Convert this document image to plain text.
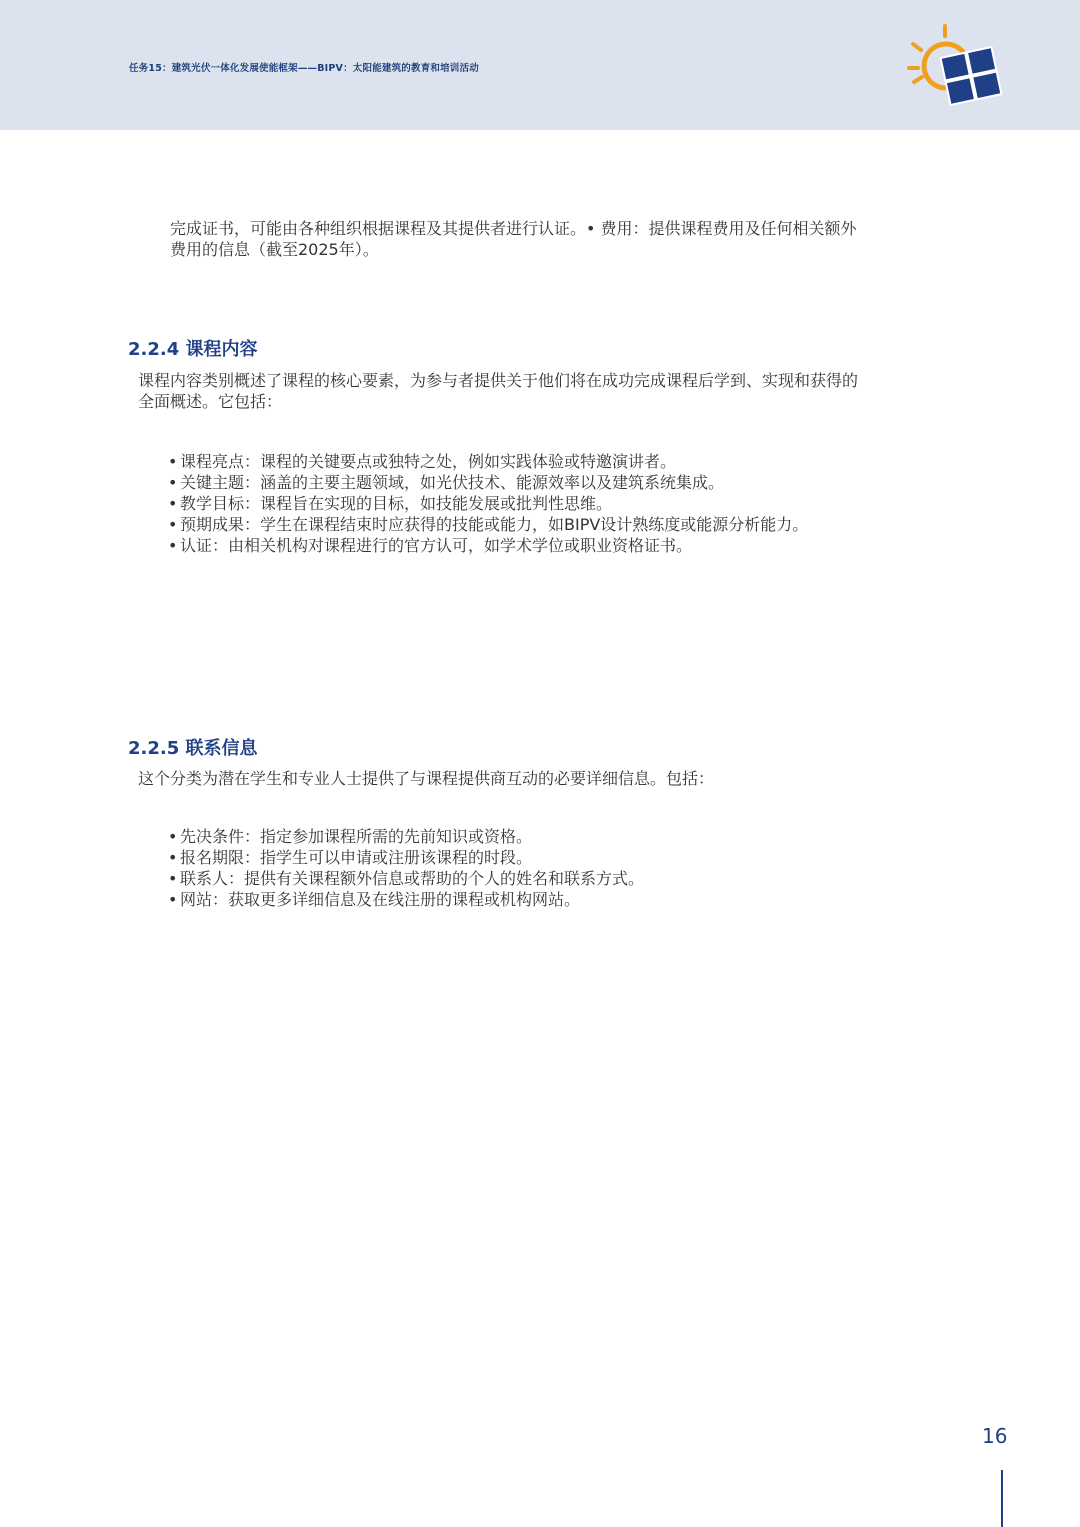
任务15：建筑光伏一体化发展使能框架——BIPV：太阳能建筑的教育和培训活动

完成证书，可能由各种组织根据课程及其提供者进行认证。• 费用：提供课程费用及任何相关额外

费用的信息（截至2025年）。

2.2.4 课程内容

课程内容类别概述了课程的核心要素，为参与者提供关于他们将在成功完成课程后学到、实现和获得的

全面概述。它包括：

• 课程亮点：课程的关键要点或独特之处，例如实践体验或特邀演讲者。
• 关键主题：涵盖的主要主题领域，如光伏技术、能源效率以及建筑系统集成。
• 教学目标：课程旨在实现的目标，如技能发展或批判性思维。
• 预期成果：学生在课程结束时应获得的技能或能力，如BIPV设计熟练度或能源分析能力。
• 认证：由相关机构对课程进行的官方认可，如学术学位或职业资格证书。
2.2.5 联系信息

这个分类为潜在学生和专业人士提供了与课程提供商互动的必要详细信息。包括：

• 先决条件：指定参加课程所需的先前知识或资格。
• 报名期限：指学生可以申请或注册该课程的时段。
• 联系人：提供有关课程额外信息或帮助的个人的姓名和联系方式。
• 网站：获取更多详细信息及在线注册的课程或机构网站。
16
